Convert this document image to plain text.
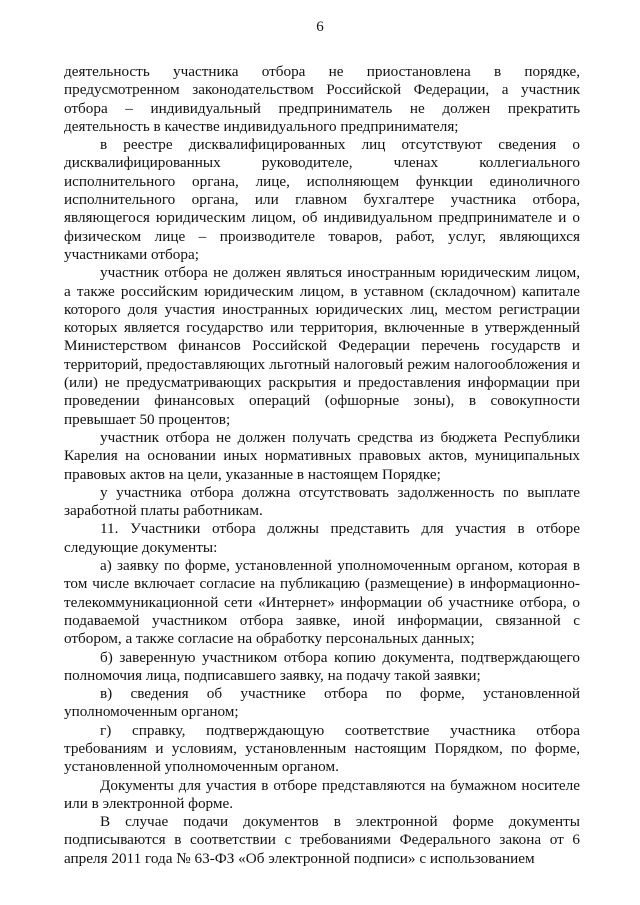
6

деятельность участника отбора не приостановлена в порядке, предусмотренном законодательством Российской Федерации, а участник отбора – индивидуальный предприниматель не должен прекратить деятельность в качестве индивидуального предпринимателя;

в реестре дисквалифицированных лиц отсутствуют сведения о дисквалифицированных руководителе, членах коллегиального исполнительного органа, лице, исполняющем функции единоличного исполнительного органа, или главном бухгалтере участника отбора, являющегося юридическим лицом, об индивидуальном предпринимателе и о физическом лице – производителе товаров, работ, услуг, являющихся участниками отбора;

участник отбора не должен являться иностранным юридическим лицом, а также российским юридическим лицом, в уставном (складочном) капитале которого доля участия иностранных юридических лиц, местом регистрации которых является государство или территория, включенные в утвержденный Министерством финансов Российской Федерации перечень государств и территорий, предоставляющих льготный налоговый режим налогообложения и (или) не предусматривающих раскрытия и предоставления информации при проведении финансовых операций (офшорные зоны), в совокупности превышает 50 процентов;

участник отбора не должен получать средства из бюджета Республики Карелия на основании иных нормативных правовых актов, муниципальных правовых актов на цели, указанные в настоящем Порядке;

у участника отбора должна отсутствовать задолженность по выплате заработной платы работникам.

11. Участники отбора должны представить для участия в отборе следующие документы:

а) заявку по форме, установленной уполномоченным органом, которая в том числе включает согласие на публикацию (размещение) в информационно-телекоммуникационной сети «Интернет» информации об участнике отбора, о подаваемой участником отбора заявке, иной информации, связанной с отбором, а также согласие на обработку персональных данных;

б) заверенную участником отбора копию документа, подтверждающего полномочия лица, подписавшего заявку, на подачу такой заявки;

в) сведения об участнике отбора по форме, установленной уполномоченным органом;

г) справку, подтверждающую соответствие участника отбора требованиям и условиям, установленным настоящим Порядком, по форме, установленной уполномоченным органом.

Документы для участия в отборе представляются на бумажном носителе или в электронной форме.

В случае подачи документов в электронной форме документы подписываются в соответствии с требованиями Федерального закона от 6 апреля 2011 года № 63-ФЗ «Об электронной подписи» с использованием
